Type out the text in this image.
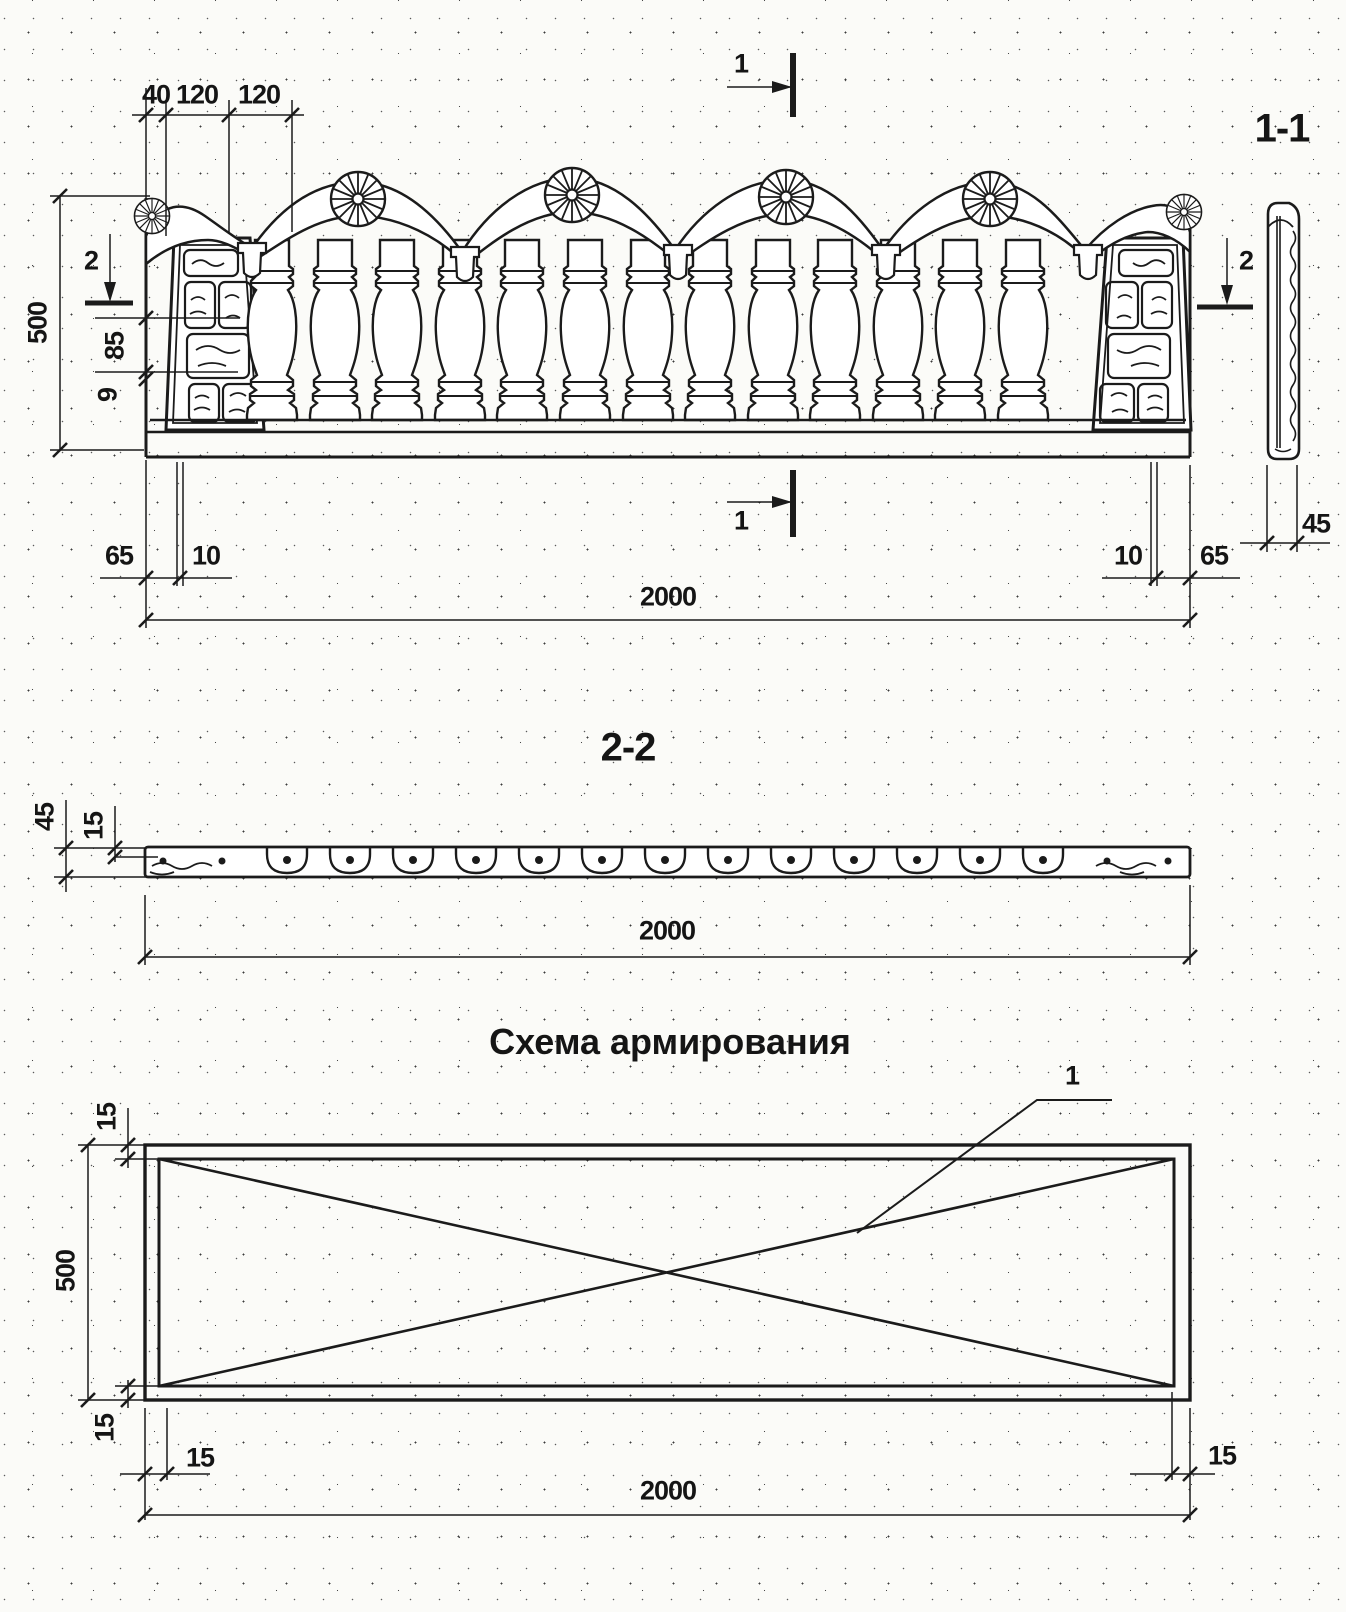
40 120 120
500
2
85
9
1
1
2
65 10	10 65
2000
1-1
45
2-2
45 15
2000
Схема армирования
1
15
500
15
15	15
2000
